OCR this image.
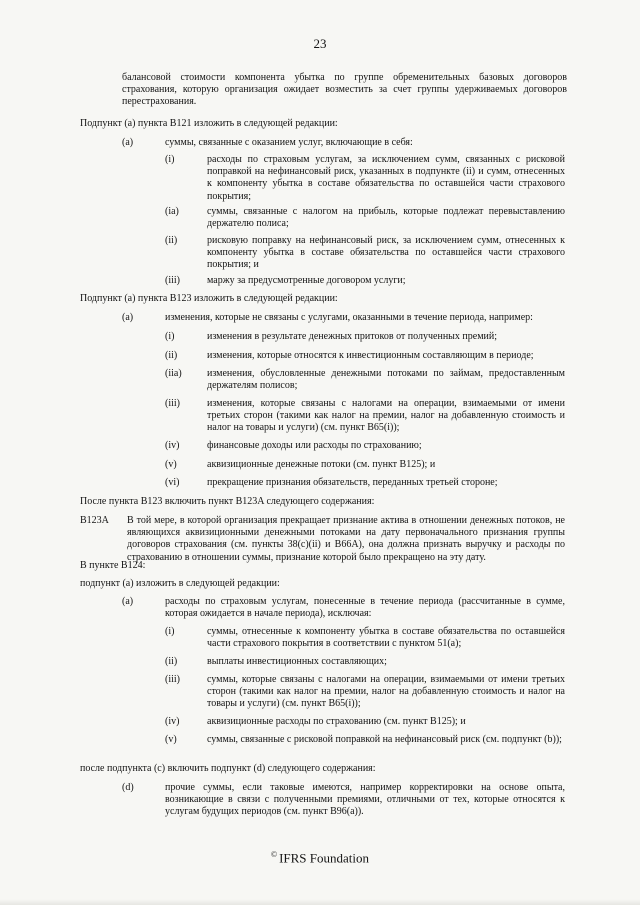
23

балансовой стоимости компонента убытка по группе обременительных базовых договоров страхования, которую организация ожидает возместить за счет группы удерживаемых договоров перестрахования.

Подпункт (а) пункта B121 изложить в следующей редакции:

(a)	суммы, связанные с оказанием услуг, включающие в себя:

(i)	расходы по страховым услугам, за исключением сумм, связанных с рисковой поправкой на нефинансовый риск, указанных в подпункте (ii) и сумм, отнесенных к компоненту убытка в составе обязательства по оставшейся части страхового покрытия;

(ia)	суммы, связанные с налогом на прибыль, которые подлежат перевыставлению держателю полиса;

(ii)	рисковую поправку на нефинансовый риск, за исключением сумм, отнесенных к компоненту убытка в составе обязательства по оставшейся части страхового покрытия; и

(iii)	маржу за предусмотренные договором услуги;

Подпункт (а) пункта B123 изложить в следующей редакции:

(a)	изменения, которые не связаны с услугами, оказанными в течение периода, например:

(i)	изменения в результате денежных притоков от полученных премий;

(ii)	изменения, которые относятся к инвестиционным составляющим в периоде;

(iia)	изменения, обусловленные денежными потоками по займам, предоставленным держателям полисов;

(iii)	изменения, которые связаны с налогами на операции, взимаемыми от имени третьих сторон (такими как налог на премии, налог на добавленную стоимость и налог на товары и услуги) (см. пункт B65(i));

(iv)	финансовые доходы или расходы по страхованию;

(v)	аквизиционные денежные потоки (см. пункт B125); и

(vi)	прекращение признания обязательств, переданных третьей стороне;

После пункта B123 включить пункт B123A следующего содержания:

B123A В той мере, в которой организация прекращает признание актива в отношении денежных потоков, не являющихся аквизиционными денежными потоками на дату первоначального признания группы договоров страхования (см. пункты 38(c)(ii) и B66A), она должна признать выручку и расходы по страхованию в отношении суммы, признание которой было прекращено на эту дату.

В пункте B124:

подпункт (a) изложить в следующей редакции:

(a)	расходы по страховым услугам, понесенные в течение периода (рассчитанные в сумме, которая ожидается в начале периода), исключая:

(i)	суммы, отнесенные к компоненту убытка в составе обязательства по оставшейся части страхового покрытия в соответствии с пунктом 51(a);

(ii)	выплаты инвестиционных составляющих;

(iii)	суммы, которые связаны с налогами на операции, взимаемыми от имени третьих сторон (такими как налог на премии, налог на добавленную стоимость и налог на товары и услуги) (см. пункт B65(i));

(iv)	аквизиционные расходы по страхованию (см. пункт B125); и

(v)	суммы, связанные с рисковой поправкой на нефинансовый риск (см. подпункт (b));

после подпункта (c) включить подпункт (d) следующего содержания:

(d)	прочие суммы, если таковые имеются, например корректировки на основе опыта, возникающие в связи с полученными премиями, отличными от тех, которые относятся к услугам будущих периодов (см. пункт B96(a)).

© IFRS Foundation
